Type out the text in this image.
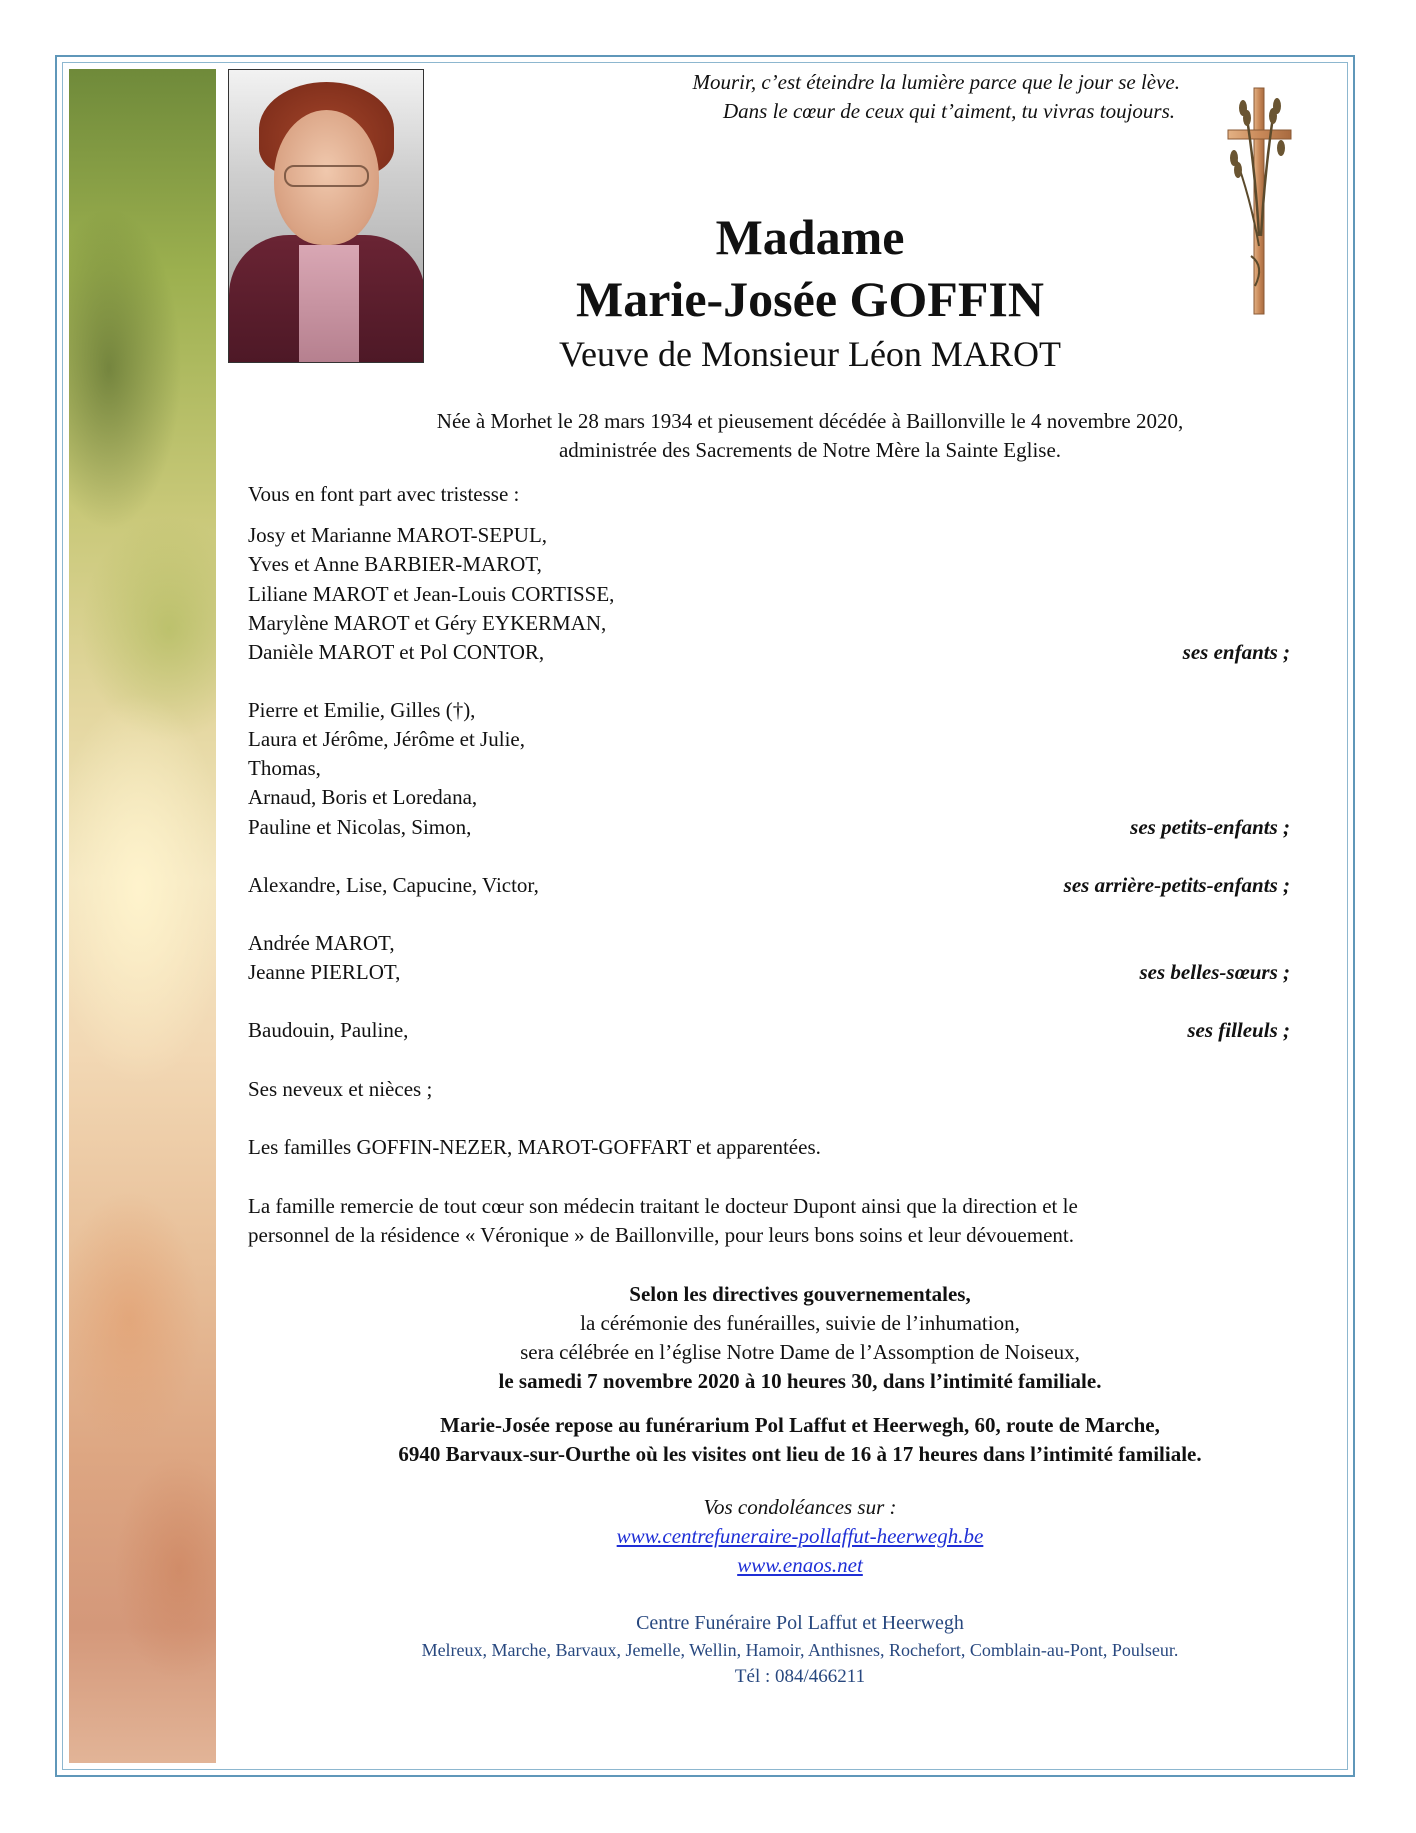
Mourir, c’est éteindre la lumière parce que le jour se lève.
Dans le cœur de ceux qui t’aiment, tu vivras toujours.
Madame
Marie-Josée GOFFIN
Veuve de Monsieur Léon MAROT
Née à Morhet le 28 mars 1934 et pieusement décédée à Baillonville le 4 novembre 2020,
administrée des Sacrements de Notre Mère la Sainte Eglise.
Vous en font part avec tristesse :
Josy et Marianne MAROT-SEPUL,
Yves et Anne BARBIER-MAROT,
Liliane MAROT et Jean-Louis CORTISSE,
Marylène MAROT et Géry EYKERMAN,
Danièle MAROT et Pol CONTOR,	ses enfants ;
Pierre et Emilie, Gilles (†),
Laura et Jérôme, Jérôme et Julie,
Thomas,
Arnaud, Boris et Loredana,
Pauline et Nicolas, Simon,	ses petits-enfants ;
Alexandre, Lise, Capucine, Victor,	ses arrière-petits-enfants ;
Andrée MAROT,
Jeanne PIERLOT,	ses belles-sœurs ;
Baudouin, Pauline,	ses filleuls ;
Ses neveux et nièces ;
Les familles GOFFIN-NEZER, MAROT-GOFFART et apparentées.
La famille remercie de tout cœur son médecin traitant le docteur Dupont ainsi que la direction et le
personnel de la résidence « Véronique » de Baillonville, pour leurs bons soins et leur dévouement.
Selon les directives gouvernementales,
la cérémonie des funérailles, suivie de l’inhumation,
sera célébrée en l’église Notre Dame de l’Assomption de Noiseux,
le samedi 7 novembre 2020 à 10 heures 30, dans l’intimité familiale.
Marie-Josée repose au funérarium Pol Laffut et Heerwegh, 60, route de Marche,
6940 Barvaux-sur-Ourthe où les visites ont lieu de 16 à 17 heures dans l’intimité familiale.
Vos condoléances sur :
www.centrefuneraire-pollaffut-heerwegh.be
www.enaos.net
Centre Funéraire Pol Laffut et Heerwegh
Melreux, Marche, Barvaux, Jemelle, Wellin, Hamoir, Anthisnes, Rochefort, Comblain-au-Pont, Poulseur.
Tél : 084/466211
